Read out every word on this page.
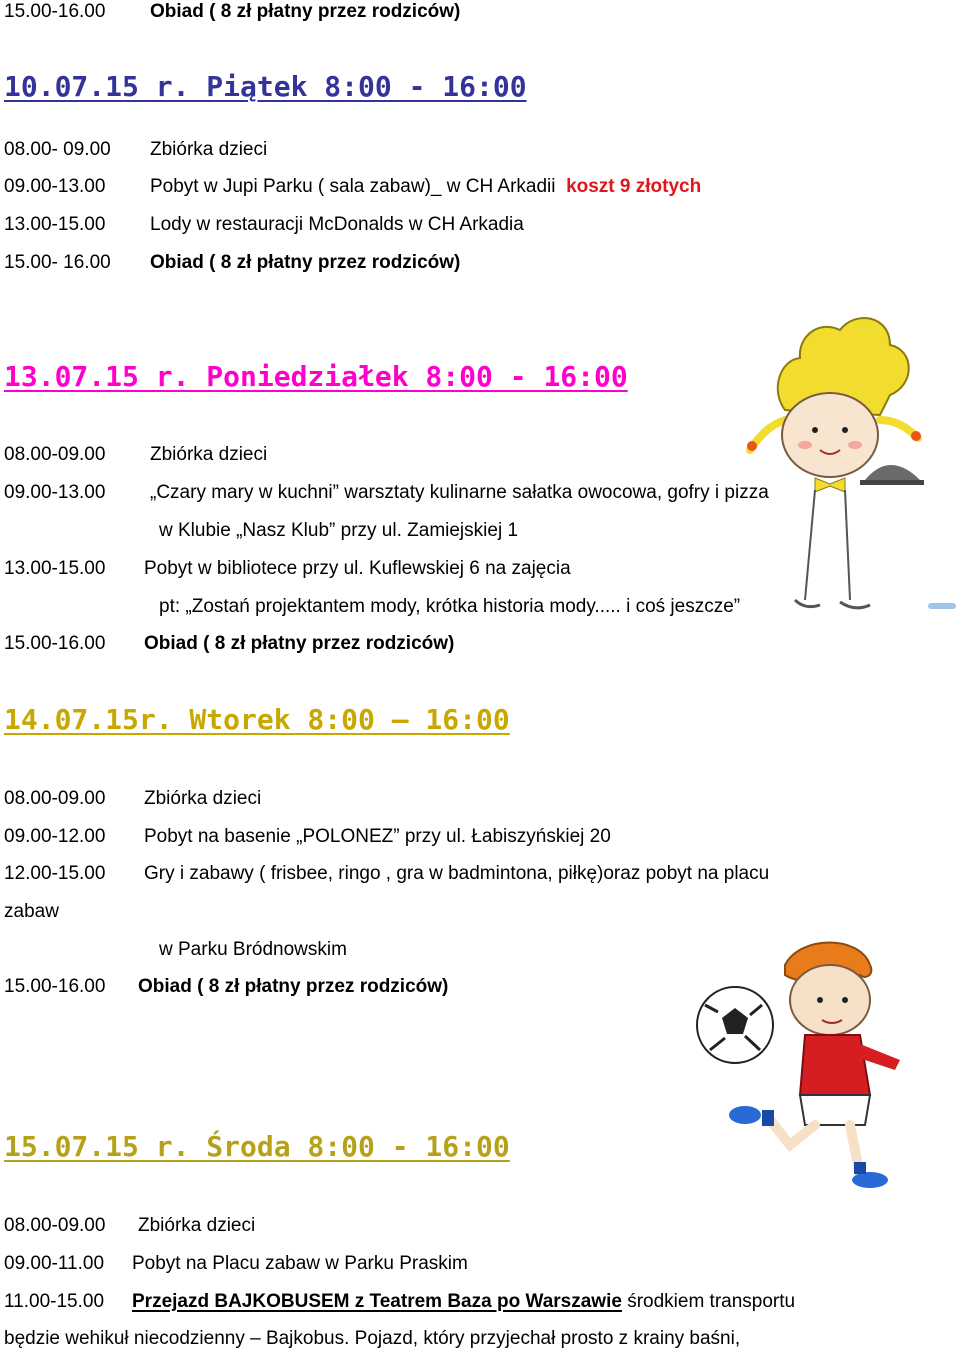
15.00-16.00 Obiad ( 8 zł płatny przez rodziców)
10.07.15 r. Piątek 8:00 - 16:00
08.00- 09.00 Zbiórka dzieci
09.00-13.00 Pobyt w Jupi Parku ( sala zabaw)_ w CH Arkadii koszt 9 złotych
13.00-15.00 Lody w restauracji McDonalds w CH Arkadia
15.00- 16.00 Obiad ( 8 zł płatny przez rodziców)
13.07.15 r. Poniedziałek 8:00 - 16:00
08.00-09.00 Zbiórka dzieci
09.00-13.00 „Czary mary w kuchni” warsztaty kulinarne sałatka owocowa, gofry i pizza
w Klubie „Nasz Klub” przy ul. Zamiejskiej 1
13.00-15.00 Pobyt w bibliotece przy ul. Kuflewskiej 6 na zajęcia
pt: „Zostań projektantem mody, krótka historia mody..... i coś jeszcze”
15.00-16.00 Obiad ( 8 zł płatny przez rodziców)
14.07.15r. Wtorek 8:00 – 16:00
08.00-09.00 Zbiórka dzieci
09.00-12.00 Pobyt na basenie „POLONEZ” przy ul. Łabiszyńskiej 20
12.00-15.00 Gry i zabawy ( frisbee, ringo , gra w badmintona, piłkę)oraz pobyt na placu
zabaw
w Parku Bródnowskim
15.00-16.00 Obiad ( 8 zł płatny przez rodziców)
15.07.15 r. Środa 8:00 - 16:00
08.00-09.00 Zbiórka dzieci
09.00-11.00 Pobyt na Placu zabaw w Parku Praskim
11.00-15.00 Przejazd BAJKOBUSEM z Teatrem Baza po Warszawie środkiem transportu
będzie wehikuł niecodzienny – Bajkobus. Pojazd, który przyjechał prosto z krainy baśni,
